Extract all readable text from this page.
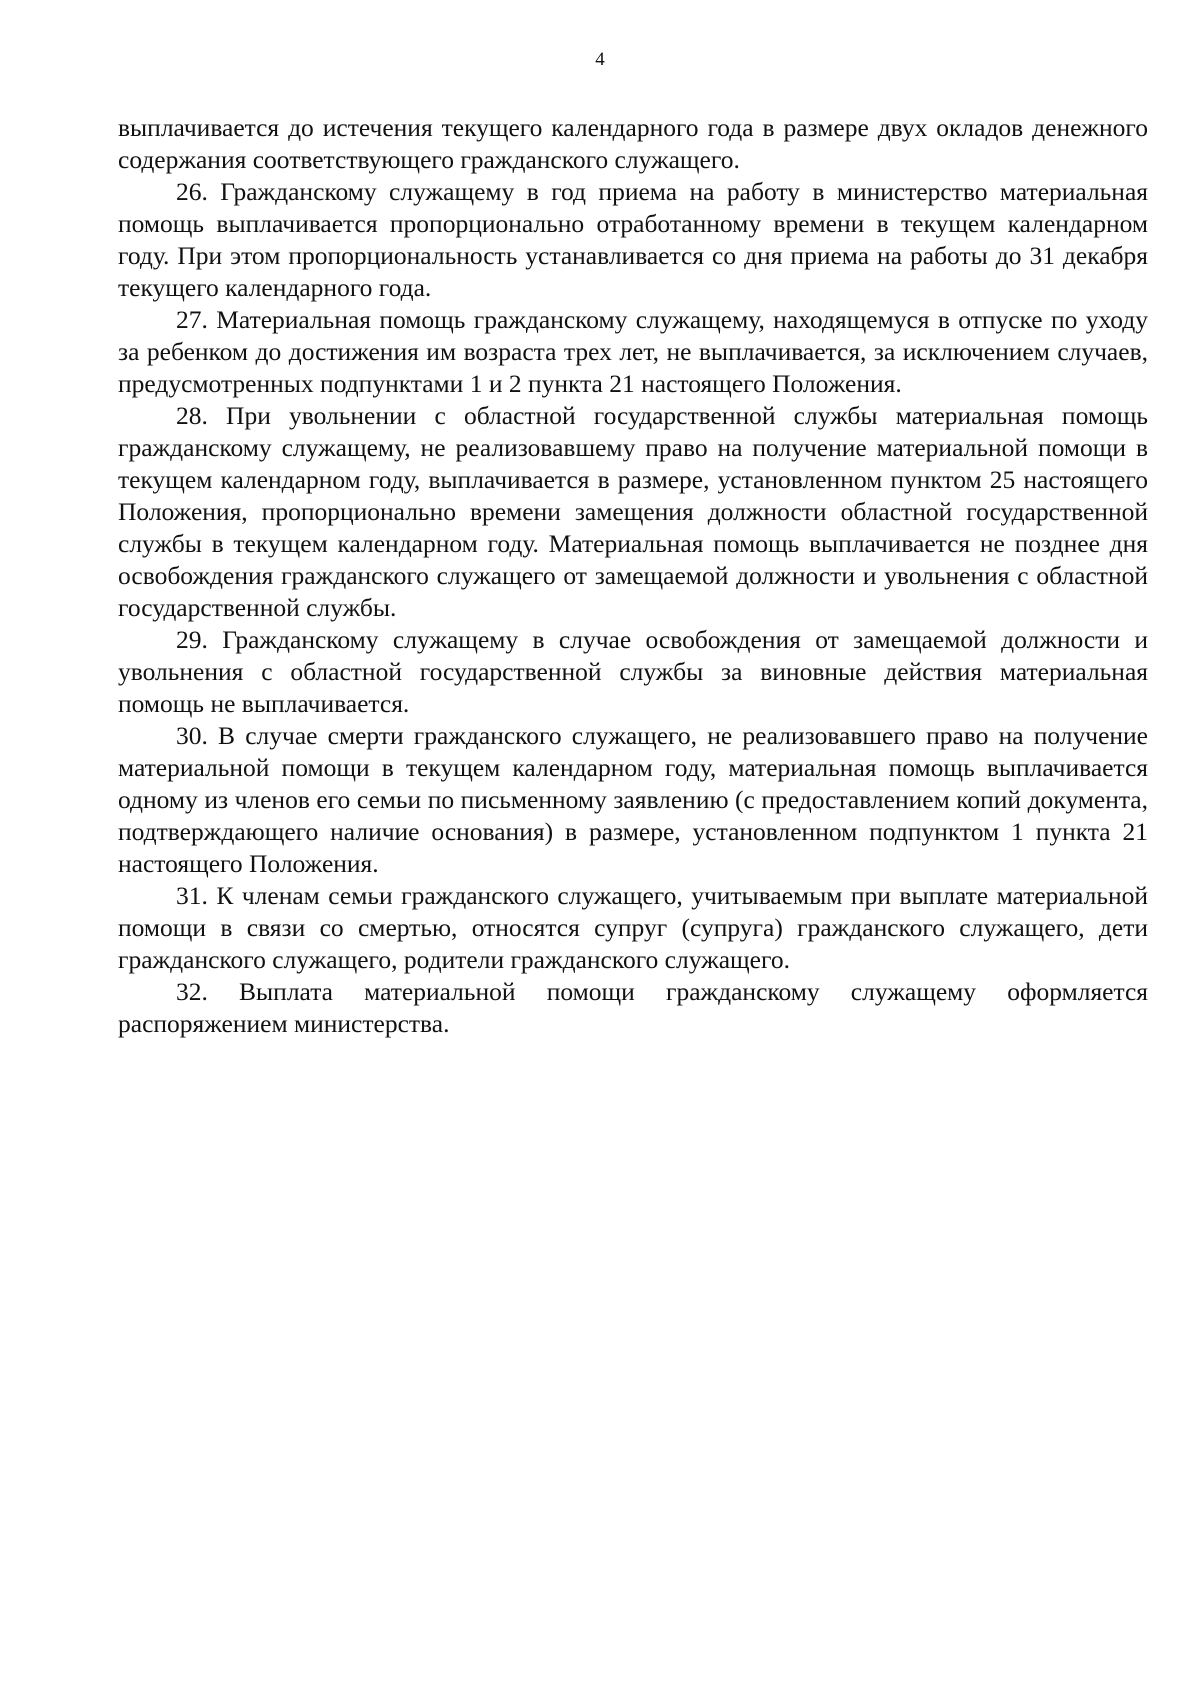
4

выплачивается до истечения текущего календарного года в размере двух окладов денежного содержания соответствующего гражданского служащего.

26. Гражданскому служащему в год приема на работу в министерство материальная помощь выплачивается пропорционально отработанному времени в текущем календарном году. При этом пропорциональность устанавливается со дня приема на работы до 31 декабря текущего календарного года.

27. Материальная помощь гражданскому служащему, находящемуся в отпуске по уходу за ребенком до достижения им возраста трех лет, не выплачивается, за исключением случаев, предусмотренных подпунктами 1 и 2 пункта 21 настоящего Положения.

28. При увольнении с областной государственной службы материальная помощь гражданскому служащему, не реализовавшему право на получение материальной помощи в текущем календарном году, выплачивается в размере, установленном пунктом 25 настоящего Положения, пропорционально времени замещения должности областной государственной службы в текущем календарном году. Материальная помощь выплачивается не позднее дня освобождения гражданского служащего от замещаемой должности и увольнения с областной государственной службы.

29. Гражданскому служащему в случае освобождения от замещаемой должности и увольнения с областной государственной службы за виновные действия материальная помощь не выплачивается.

30. В случае смерти гражданского служащего, не реализовавшего право на получение материальной помощи в текущем календарном году, материальная помощь выплачивается одному из членов его семьи по письменному заявлению (с предоставлением копий документа, подтверждающего наличие основания) в размере, установленном подпунктом 1 пункта 21 настоящего Положения.

31. К членам семьи гражданского служащего, учитываемым при выплате материальной помощи в связи со смертью, относятся супруг (супруга) гражданского служащего, дети гражданского служащего, родители гражданского служащего.

32. Выплата материальной помощи гражданскому служащему оформляется распоряжением министерства.
